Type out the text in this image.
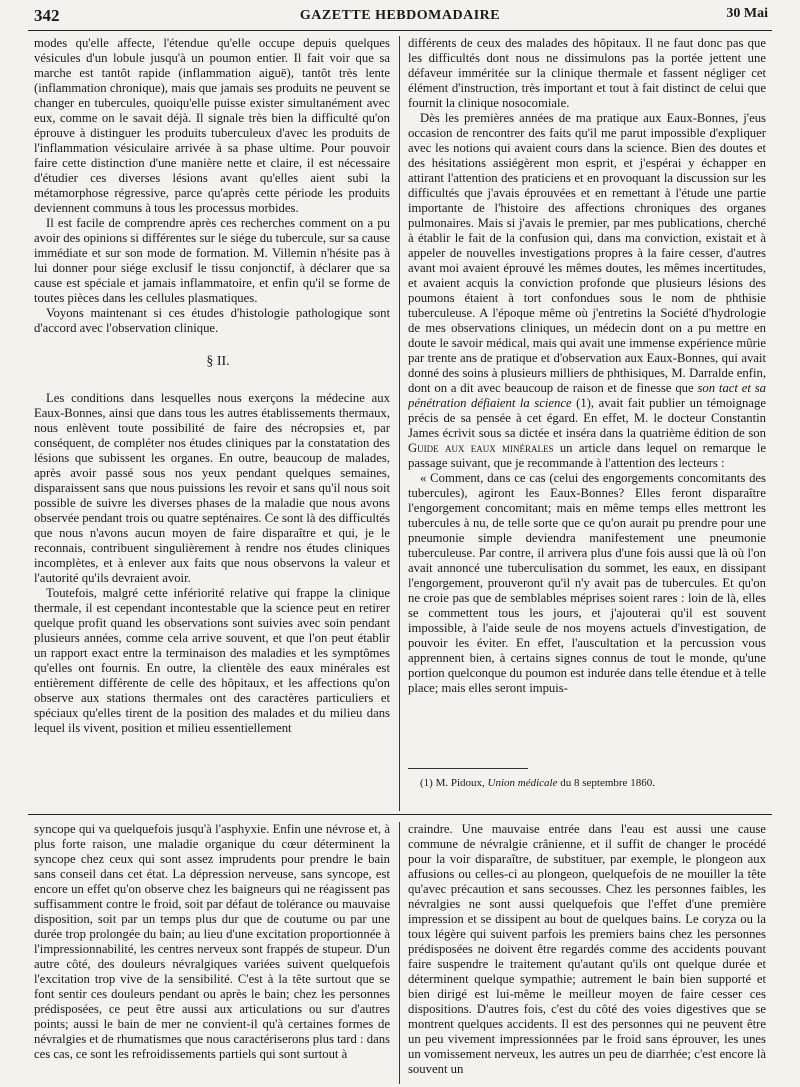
342	GAZETTE HEBDOMADAIRE	30 Mai

modes qu'elle affecte, l'étendue qu'elle occupe depuis quelques vésicules d'un lobule jusqu'à un poumon entier. Il fait voir que sa marche est tantôt rapide (inflammation aiguë), tantôt très lente (inflammation chronique), mais que jamais ses produits ne peuvent se changer en tubercules, quoiqu'elle puisse exister simultanément avec eux, comme on le savait déjà. Il signale très bien la difficulté qu'on éprouve à distinguer les produits tuberculeux d'avec les produits de l'inflammation vésiculaire arrivée à sa phase ultime. Pour pouvoir faire cette distinction d'une manière nette et claire, il est nécessaire d'étudier ces diverses lésions avant qu'elles aient subi la métamorphose régressive, parce qu'après cette période les produits deviennent communs à tous les processus morbides.

Il est facile de comprendre après ces recherches comment on a pu avoir des opinions si différentes sur le siége du tubercule, sur sa cause immédiate et sur son mode de formation. M. Villemin n'hésite pas à lui donner pour siége exclusif le tissu conjonctif, à déclarer que sa cause est spéciale et jamais inflammatoire, et enfin qu'il se forme de toutes pièces dans les cellules plasmatiques.

Voyons maintenant si ces études d'histologie pathologique sont d'accord avec l'observation clinique.

§ II.

Les conditions dans lesquelles nous exerçons la médecine aux Eaux-Bonnes, ainsi que dans tous les autres établissements thermaux, nous enlèvent toute possibilité de faire des nécropsies et, par conséquent, de compléter nos études cliniques par la constatation des lésions que subissent les organes. En outre, beaucoup de malades, après avoir passé sous nos yeux pendant quelques semaines, disparaissent sans que nous puissions les revoir et sans qu'il nous soit possible de suivre les diverses phases de la maladie que nous avons observée pendant trois ou quatre septénaires. Ce sont là des difficultés que nous n'avons aucun moyen de faire disparaître et qui, je le reconnais, contribuent singulièrement à rendre nos études cliniques incomplètes, et à enlever aux faits que nous observons la valeur et l'autorité qu'ils devraient avoir.

Toutefois, malgré cette infériorité relative qui frappe la clinique thermale, il est cependant incontestable que la science peut en retirer quelque profit quand les observations sont suivies avec soin pendant plusieurs années, comme cela arrive souvent, et que l'on peut établir un rapport exact entre la terminaison des maladies et les symptômes qu'elles ont fournis. En outre, la clientèle des eaux minérales est entièrement différente de celle des hôpitaux, et les affections qu'on observe aux stations thermales ont des caractères particuliers et spéciaux qu'elles tirent de la position des malades et du milieu dans lequel ils vivent, position et milieu essentiellement

différents de ceux des malades des hôpitaux. Il ne faut donc pas que les difficultés dont nous ne dissimulons pas la portée jettent une défaveur imméritée sur la clinique thermale et fassent négliger cet élément d'instruction, très important et tout à fait distinct de celui que fournit la clinique nosocomiale.

Dès les premières années de ma pratique aux Eaux-Bonnes, j'eus occasion de rencontrer des faits qu'il me parut impossible d'expliquer avec les notions qui avaient cours dans la science. Bien des doutes et des hésitations assiégèrent mon esprit, et j'espérai y échapper en attirant l'attention des praticiens et en provoquant la discussion sur les difficultés que j'avais éprouvées et en remettant à l'étude une partie importante de l'histoire des affections chroniques des organes pulmonaires. Mais si j'avais le premier, par mes publications, cherché à établir le fait de la confusion qui, dans ma conviction, existait et à appeler de nouvelles investigations propres à la faire cesser, d'autres avant moi avaient éprouvé les mêmes doutes, les mêmes incertitudes, et avaient acquis la conviction profonde que plusieurs lésions des poumons étaient à tort confondues sous le nom de phthisie tuberculeuse. A l'époque même où j'entretins la Société d'hydrologie de mes observations cliniques, un médecin dont on a pu mettre en doute le savoir médical, mais qui avait une immense expérience mûrie par trente ans de pratique et d'observation aux Eaux-Bonnes, qui avait donné des soins à plusieurs milliers de phthisiques, M. Darralde enfin, dont on a dit avec beaucoup de raison et de finesse que son tact et sa pénétration défiaient la science (1), avait fait publier un témoignage précis de sa pensée à cet égard. En effet, M. le docteur Constantin James écrivit sous sa dictée et inséra dans la quatrième édition de son Guide aux eaux minérales un article dans lequel on remarque le passage suivant, que je recommande à l'attention des lecteurs :

« Comment, dans ce cas (celui des engorgements concomitants des tubercules), agiront les Eaux-Bonnes? Elles feront disparaître l'engorgement concomitant; mais en même temps elles mettront les tubercules à nu, de telle sorte que ce qu'on aurait pu prendre pour une pneumonie simple deviendra manifestement une pneumonie tuberculeuse. Par contre, il arrivera plus d'une fois aussi que là où l'on avait annoncé une tuberculisation du sommet, les eaux, en dissipant l'engorgement, prouveront qu'il n'y avait pas de tubercules. Et qu'on ne croie pas que de semblables méprises soient rares : loin de là, elles se commettent tous les jours, et j'ajouterai qu'il est souvent impossible, à l'aide seule de nos moyens actuels d'investigation, de pouvoir les éviter. En effet, l'auscultation et la percussion vous apprennent bien, à certains signes connus de tout le monde, qu'une portion quelconque du poumon est indurée dans telle étendue et à telle place; mais elles seront impuis-

(1) M. Pidoux, Union médicale du 8 septembre 1860.

syncope qui va quelquefois jusqu'à l'asphyxie. Enfin une névrose et, à plus forte raison, une maladie organique du cœur déterminent la syncope chez ceux qui sont assez imprudents pour prendre le bain sans conseil dans cet état. La dépression nerveuse, sans syncope, est encore un effet qu'on observe chez les baigneurs qui ne réagissent pas suffisamment contre le froid, soit par défaut de tolérance ou mauvaise disposition, soit par un temps plus dur que de coutume ou par une durée trop prolongée du bain; au lieu d'une excitation proportionnée à l'impressionnabilité, les centres nerveux sont frappés de stupeur. D'un autre côté, des douleurs névralgiques variées suivent quelquefois l'excitation trop vive de la sensibilité. C'est à la tête surtout que se font sentir ces douleurs pendant ou après le bain; chez les personnes prédisposées, ce peut être aussi aux articulations ou sur d'autres points; aussi le bain de mer ne convient-il qu'à certaines formes de névralgies et de rhumatismes que nous caractériserons plus tard : dans ces cas, ce sont les refroidissements partiels qui sont surtout à

craindre. Une mauvaise entrée dans l'eau est aussi une cause commune de névralgie crânienne, et il suffit de changer le procédé pour la voir disparaître, de substituer, par exemple, le plongeon aux affusions ou celles-ci au plongeon, quelquefois de ne mouiller la tête qu'avec précaution et sans secousses. Chez les personnes faibles, les névralgies ne sont aussi quelquefois que l'effet d'une première impression et se dissipent au bout de quelques bains. Le coryza ou la toux légère qui suivent parfois les premiers bains chez les personnes prédisposées ne doivent être regardés comme des accidents pouvant faire suspendre le traitement qu'autant qu'ils ont quelque durée et déterminent quelque sympathie; autrement le bain bien supporté et bien dirigé est lui-même le meilleur moyen de faire cesser ces dispositions. D'autres fois, c'est du côté des voies digestives que se montrent quelques accidents. Il est des personnes qui ne peuvent être un peu vivement impressionnées par le froid sans éprouver, les unes un vomissement nerveux, les autres un peu de diarrhée; c'est encore là souvent un
